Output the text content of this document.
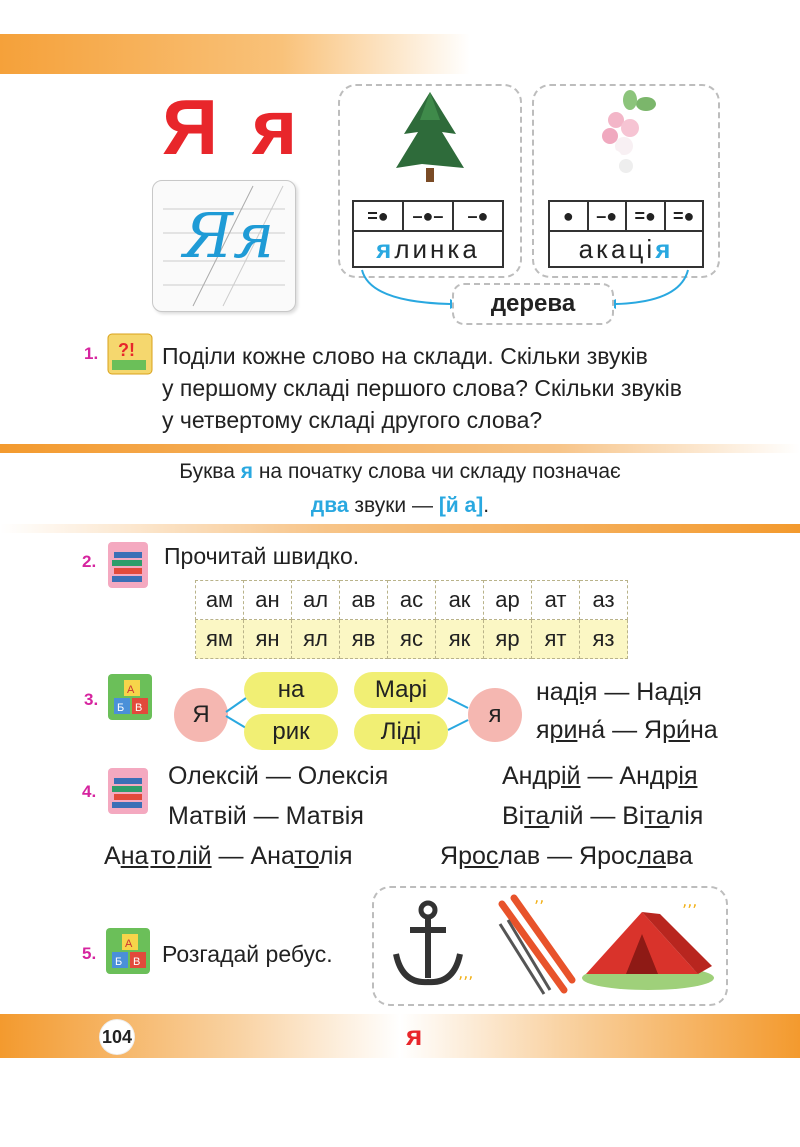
Я я
Яя	=●	–●–	–●
я линка
●	–● =● =●
акаці я
дерева
1. ?! Поділи кожне слово на склади. Скільки звуків
у першому складі першого слова? Скільки звуків
у четвертому складі другого слова?
Буква я на початку слова чи складу позначає
два звуки — [й а].
2.	Прочитай швидко.
ам	ан	ал	ав	ас	ак	ар	ат	аз
ям	ян	ял	яв	яс	як	яр	ят	яз
3.	А
Б В	Я
на
рик
Марі
Ліді
я
надія — Надія
ярина́ — Яри́на
4.
Олексій — Олексія
Матвій — Матвія
Андрій — Андрія
Віталій — Віталія
Анатолій — Анатолія	Ярослав — Ярослава
5.	А
Б В Розгадай ребус.
ʼʼʼ
ʼʼ	ʼʼʼ
104	я
